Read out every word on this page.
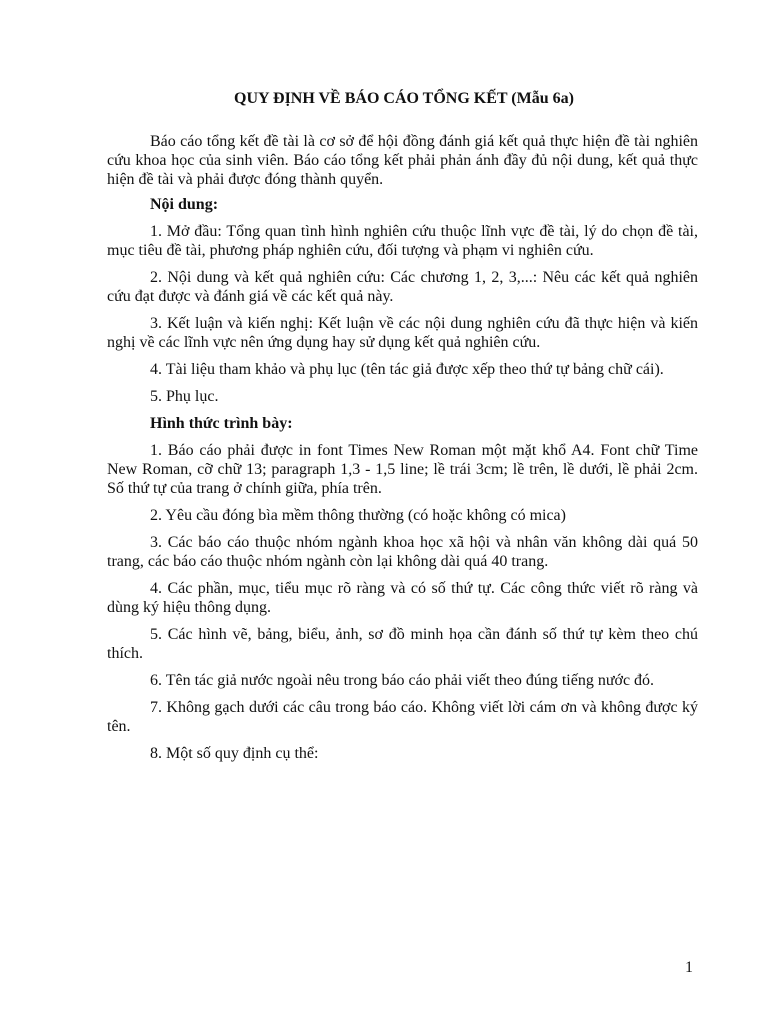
QUY ĐỊNH VỀ BÁO CÁO TỔNG KẾT (Mẫu 6a)

Báo cáo tổng kết đề tài là cơ sở để hội đồng đánh giá kết quả thực hiện đề tài nghiên cứu khoa học của sinh viên. Báo cáo tổng kết phải phản ánh đầy đủ nội dung, kết quả thực hiện đề tài và phải được đóng thành quyển.

Nội dung:

1. Mở đầu: Tổng quan tình hình nghiên cứu thuộc lĩnh vực đề tài, lý do chọn đề tài, mục tiêu đề tài, phương pháp nghiên cứu, đối tượng và phạm vi nghiên cứu.

2. Nội dung và kết quả nghiên cứu: Các chương 1, 2, 3,...: Nêu các kết quả nghiên cứu đạt được và đánh giá về các kết quả này.

3. Kết luận và kiến nghị: Kết luận về các nội dung nghiên cứu đã thực hiện và kiến nghị về các lĩnh vực nên ứng dụng hay sử dụng kết quả nghiên cứu.

4. Tài liệu tham khảo và phụ lục (tên tác giả được xếp theo thứ tự bảng chữ cái).

5. Phụ lục.

Hình thức trình bày:

1. Báo cáo phải được in font Times New Roman một mặt khổ A4. Font chữ Time New Roman, cỡ chữ 13; paragraph 1,3 - 1,5 line; lề trái 3cm; lề trên, lề dưới, lề phải 2cm. Số thứ tự của trang ở chính giữa, phía trên.

2. Yêu cầu đóng bìa mềm thông thường (có hoặc không có mica)

3. Các báo cáo thuộc nhóm ngành khoa học xã hội và nhân văn không dài quá 50 trang, các báo cáo thuộc nhóm ngành còn lại không dài quá 40 trang.

4. Các phần, mục, tiểu mục rõ ràng và có số thứ tự. Các công thức viết rõ ràng và dùng ký hiệu thông dụng.

5. Các hình vẽ, bảng, biểu, ảnh, sơ đồ minh họa cần đánh số thứ tự kèm theo chú thích.

6. Tên tác giả nước ngoài nêu trong báo cáo phải viết theo đúng tiếng nước đó.

7. Không gạch dưới các câu trong báo cáo. Không viết lời cám ơn và không được ký tên.

8. Một số quy định cụ thể:

1
